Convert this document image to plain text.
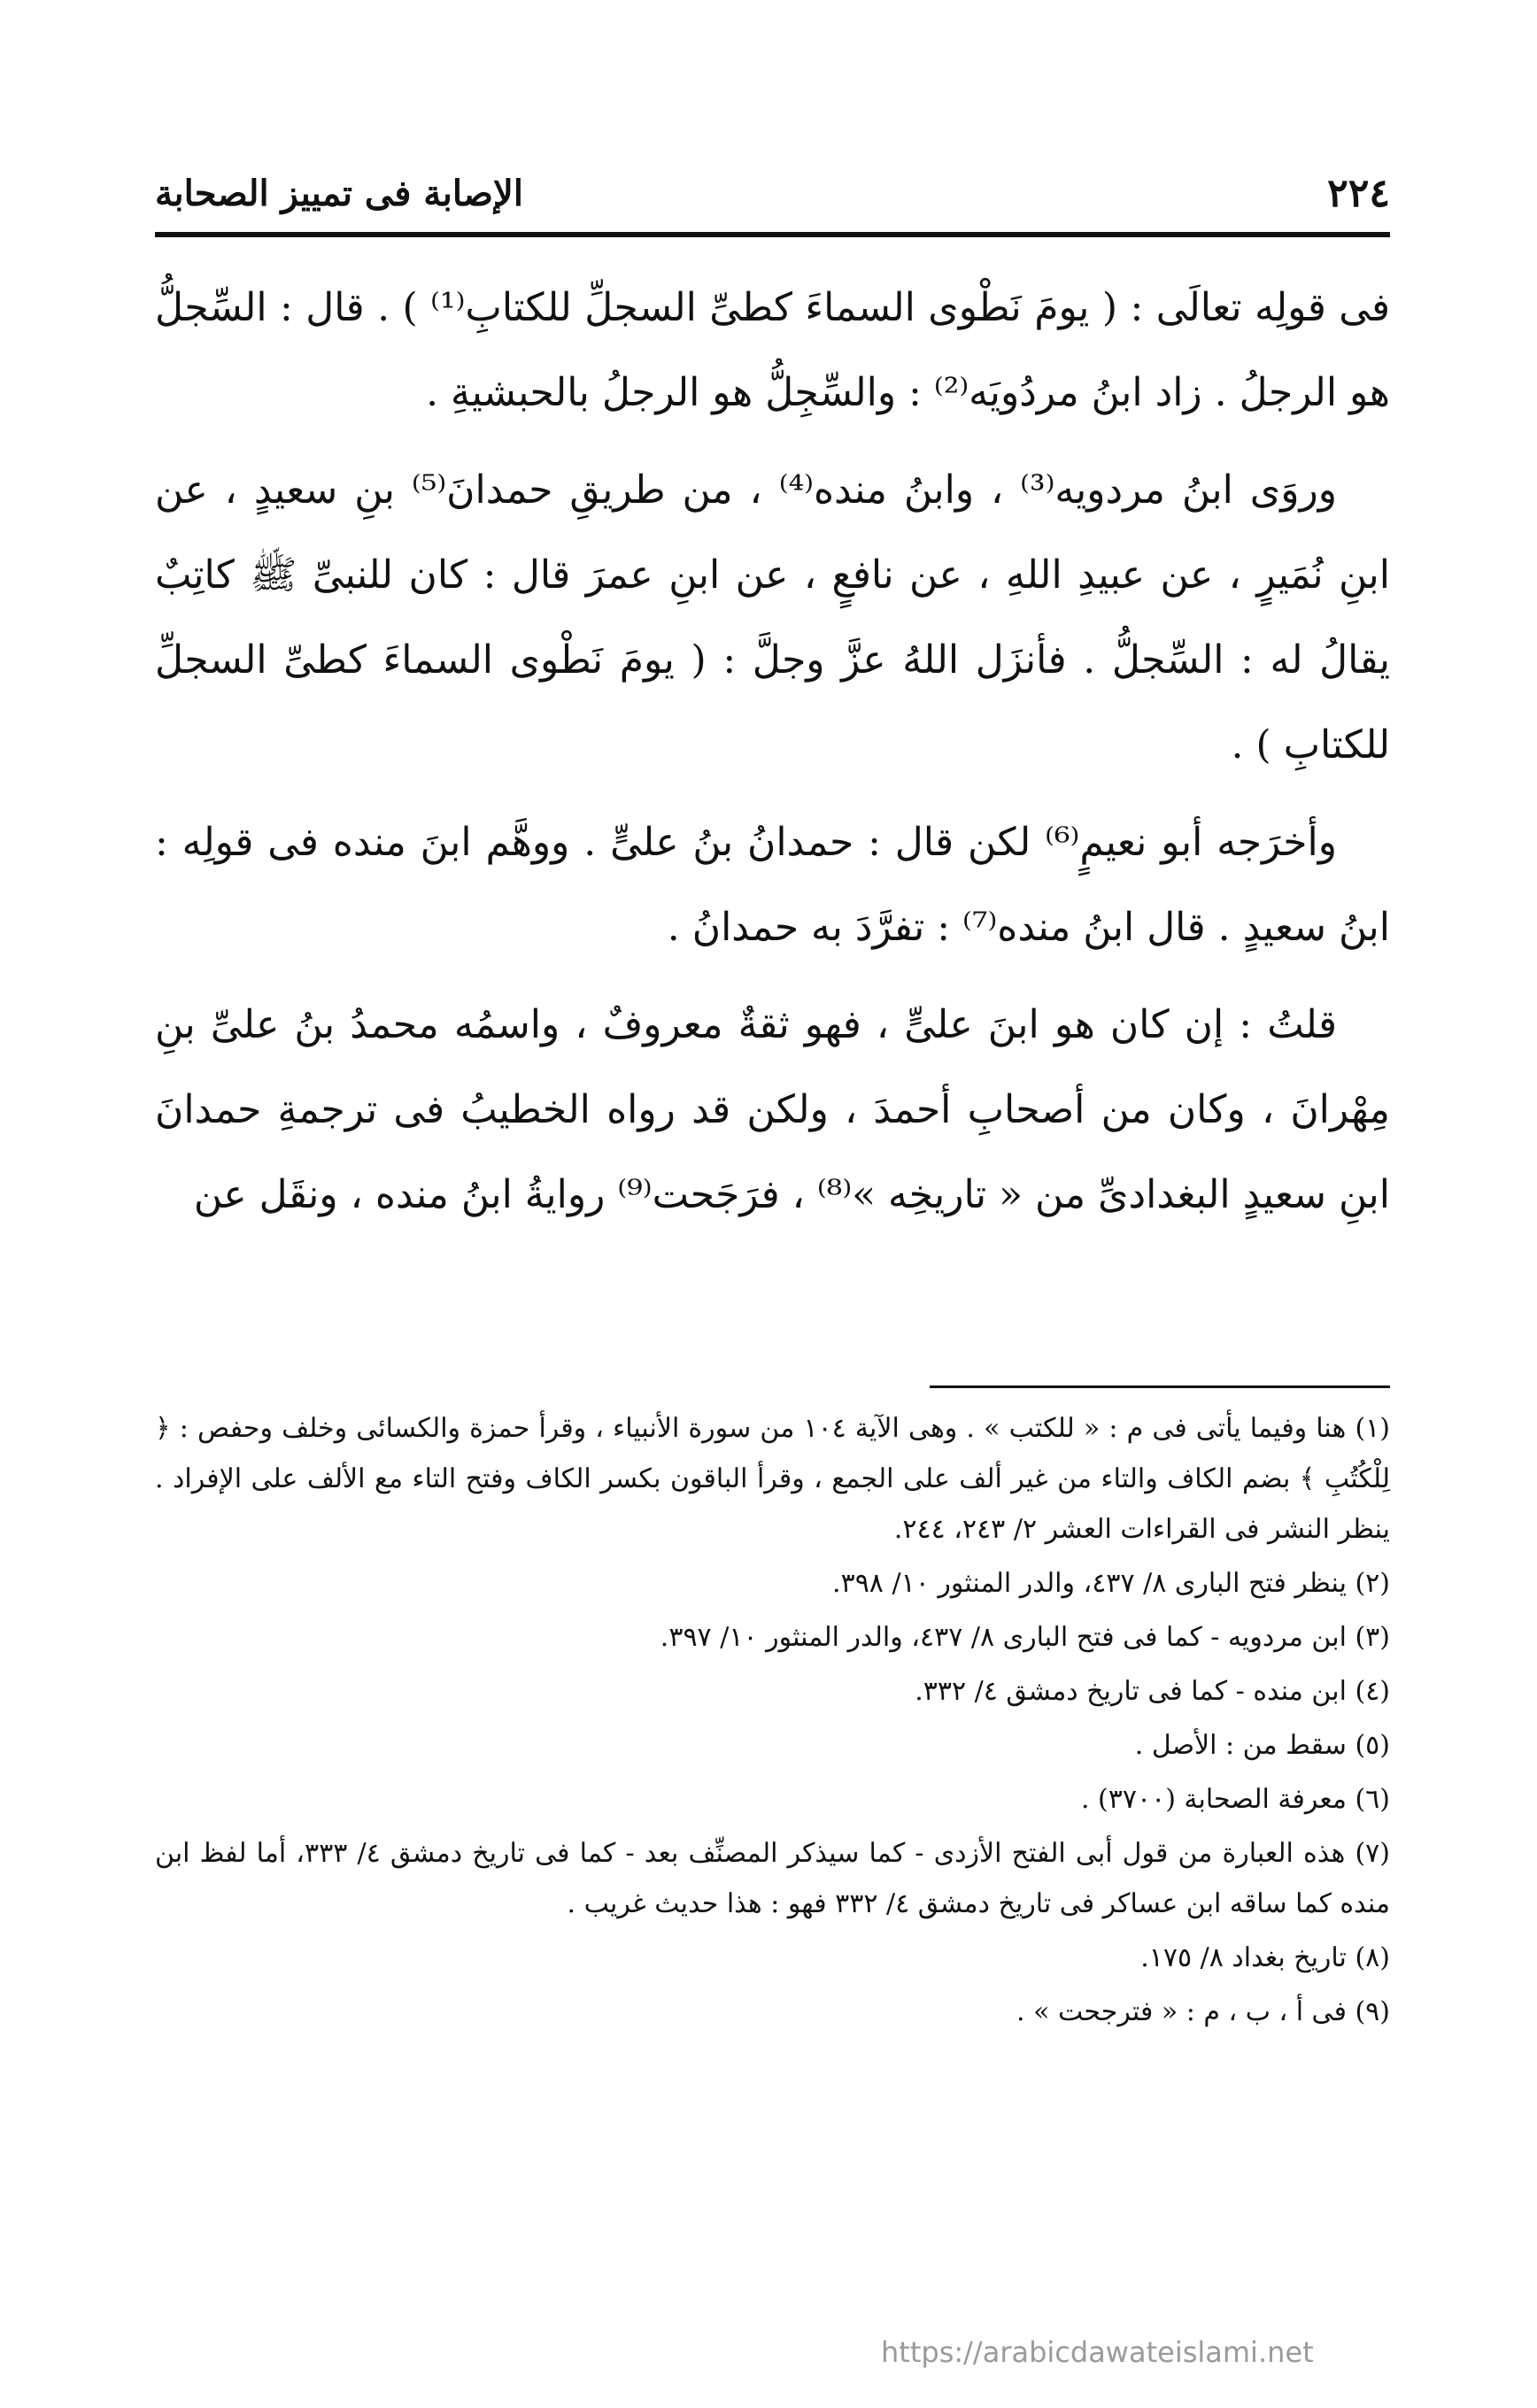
٢٢٤
الإصابة فى تمييز الصحابة

فى قولِه تعالَى : ( يومَ نَطْوى السماءَ كطىِّ السجلِّ للكتابِ⁽¹⁾ ) . قال : السِّجلُّ هو الرجلُ . زاد ابنُ مردُويَه⁽²⁾ : والسِّجِلُّ هو الرجلُ بالحبشيةِ .

وروَى ابنُ مردويه⁽³⁾ ، وابنُ منده⁽⁴⁾ ، من طريقِ حمدانَ⁽⁵⁾ بنِ سعيدٍ ، عن ابنِ نُمَيرٍ ، عن عبيدِ اللهِ ، عن نافعٍ ، عن ابنِ عمرَ قال : كان للنبىِّ ﷺ كاتِبٌ يقالُ له : السِّجلُّ . فأنزَل اللهُ عزَّ وجلَّ : ( يومَ نَطْوى السماءَ كطىِّ السجلِّ للكتابِ ) .

وأخرَجه أبو نعيمٍ⁽⁶⁾ لكن قال : حمدانُ بنُ علىٍّ . ووهَّم ابنَ منده فى قولِه : ابنُ سعيدٍ . قال ابنُ منده⁽⁷⁾ : تفرَّدَ به حمدانُ .

قلتُ : إن كان هو ابنَ علىٍّ ، فهو ثقةٌ معروفٌ ، واسمُه محمدُ بنُ علىِّ بنِ مِهْرانَ ، وكان من أصحابِ أحمدَ ، ولكن قد رواه الخطيبُ فى ترجمةِ حمدانَ ابنِ سعيدٍ البغدادىِّ من « تاريخِه »⁽⁸⁾ ، فرَجَحت⁽⁹⁾ روايةُ ابنُ منده ، ونقَل عن

(١) هنا وفيما يأتى فى م : « للكتب » . وهى الآية ١٠٤ من سورة الأنبياء ، وقرأ حمزة والكسائى وخلف وحفص : ﴿ لِلْكُتُبِ ﴾ بضم الكاف والتاء من غير ألف على الجمع ، وقرأ الباقون بكسر الكاف وفتح التاء مع الألف على الإفراد . ينظر النشر فى القراءات العشر ٢/ ٢٤٣، ٢٤٤.
(٢) ينظر فتح البارى ٨/ ٤٣٧، والدر المنثور ١٠/ ٣٩٨.
(٣) ابن مردويه - كما فى فتح البارى ٨/ ٤٣٧، والدر المنثور ١٠/ ٣٩٧.
(٤) ابن منده - كما فى تاريخ دمشق ٤/ ٣٣٢.
(٥) سقط من : الأصل .
(٦) معرفة الصحابة (٣٧٠٠) .
(٧) هذه العبارة من قول أبى الفتح الأزدى - كما سيذكر المصنِّف بعد - كما فى تاريخ دمشق ٤/ ٣٣٣، أما لفظ ابن منده كما ساقه ابن عساكر فى تاريخ دمشق ٤/ ٣٣٢ فهو : هذا حديث غريب .
(٨) تاريخ بغداد ٨/ ١٧٥.
(٩) فى أ ، ب ، م : « فترجحت » .
https://arabicdawateislami.net
